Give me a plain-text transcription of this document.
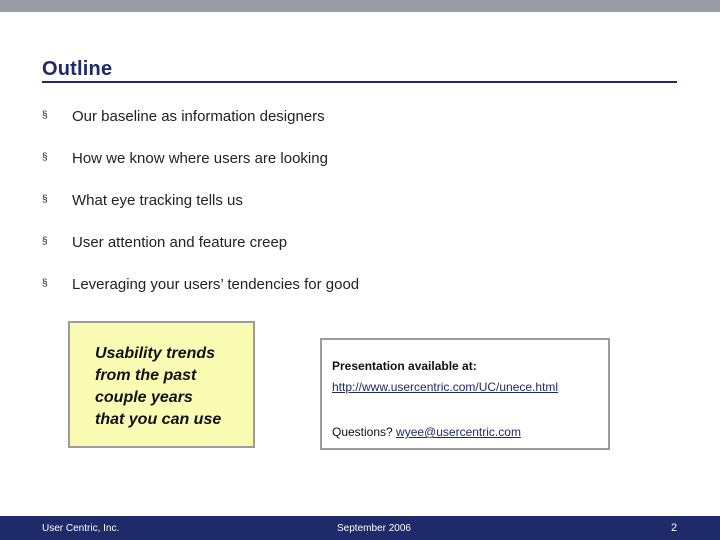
Outline
§ Our baseline as information designers
§ How we know where users are looking
§ What eye tracking tells us
§ User attention and feature creep
§ Leveraging your users’ tendencies for good
Usability trends
from the past
couple years
that you can use
Presentation available at:
http://www.usercentric.com/UC/unece.html
Questions? wyee@usercentric.com
User Centric, Inc.	September 2006	2
